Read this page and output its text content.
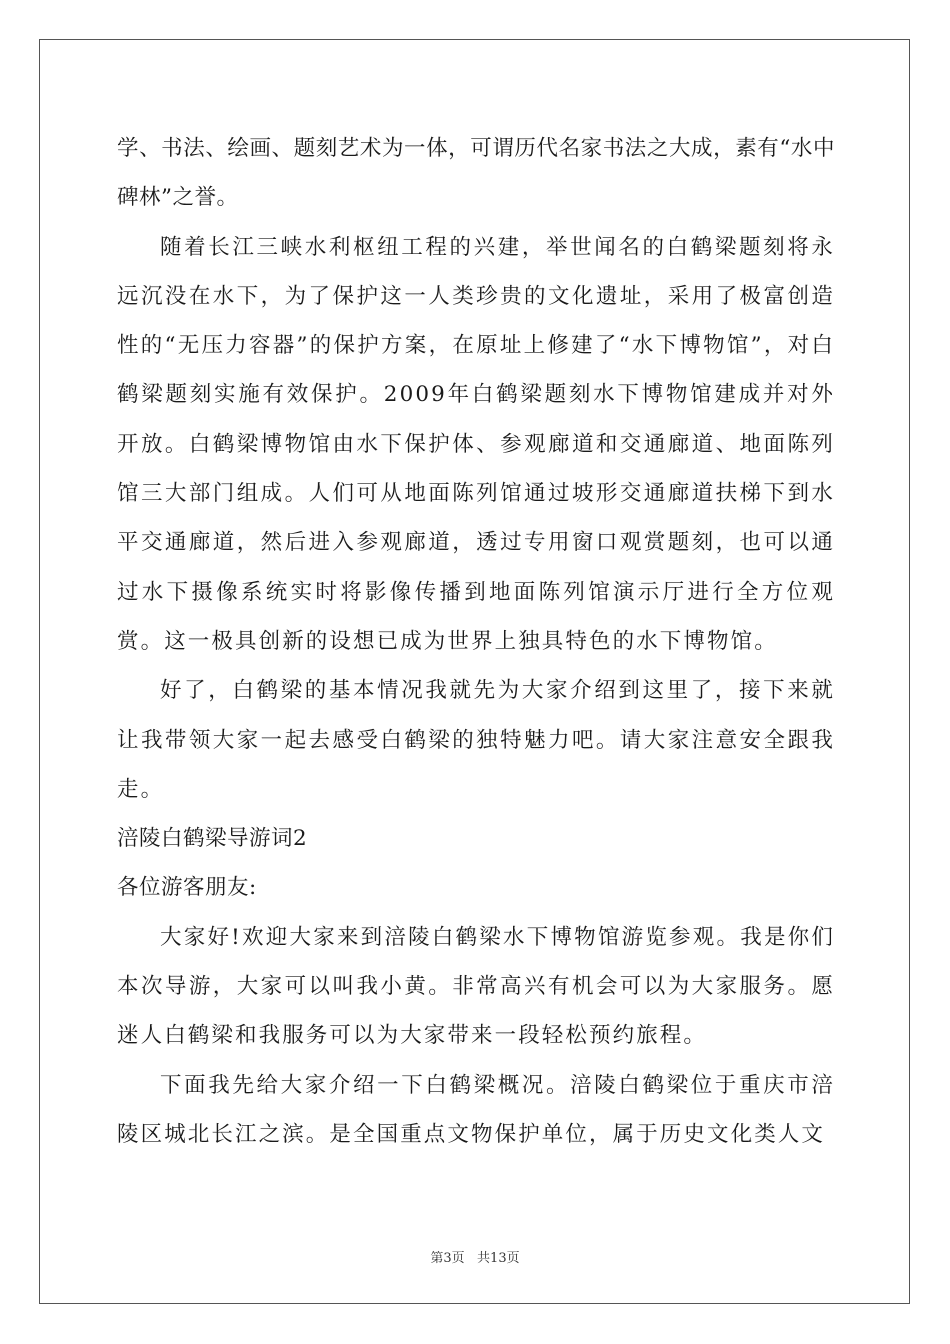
学、书法、绘画、题刻艺术为一体，可谓历代名家书法之大成，素有“水中碑林”之誉。

随着长江三峡水利枢纽工程的兴建，举世闻名的白鹤梁题刻将永远沉没在水下，为了保护这一人类珍贵的文化遗址，采用了极富创造性的“无压力容器”的保护方案，在原址上修建了“水下博物馆”，对白鹤梁题刻实施有效保护。2009年白鹤梁题刻水下博物馆建成并对外开放。白鹤梁博物馆由水下保护体、参观廊道和交通廊道、地面陈列馆三大部门组成。人们可从地面陈列馆通过坡形交通廊道扶梯下到水平交通廊道，然后进入参观廊道，透过专用窗口观赏题刻，也可以通过水下摄像系统实时将影像传播到地面陈列馆演示厅进行全方位观赏。这一极具创新的设想已成为世界上独具特色的水下博物馆。

好了，白鹤梁的基本情况我就先为大家介绍到这里了，接下来就让我带领大家一起去感受白鹤梁的独特魅力吧。请大家注意安全跟我走。

涪陵白鹤梁导游词2

各位游客朋友:

大家好!欢迎大家来到涪陵白鹤梁水下博物馆游览参观。我是你们本次导游，大家可以叫我小黄。非常高兴有机会可以为大家服务。愿迷人白鹤梁和我服务可以为大家带来一段轻松预约旅程。

下面我先给大家介绍一下白鹤梁概况。涪陵白鹤梁位于重庆市涪陵区城北长江之滨。是全国重点文物保护单位，属于历史文化类人文

第3页   共13页
